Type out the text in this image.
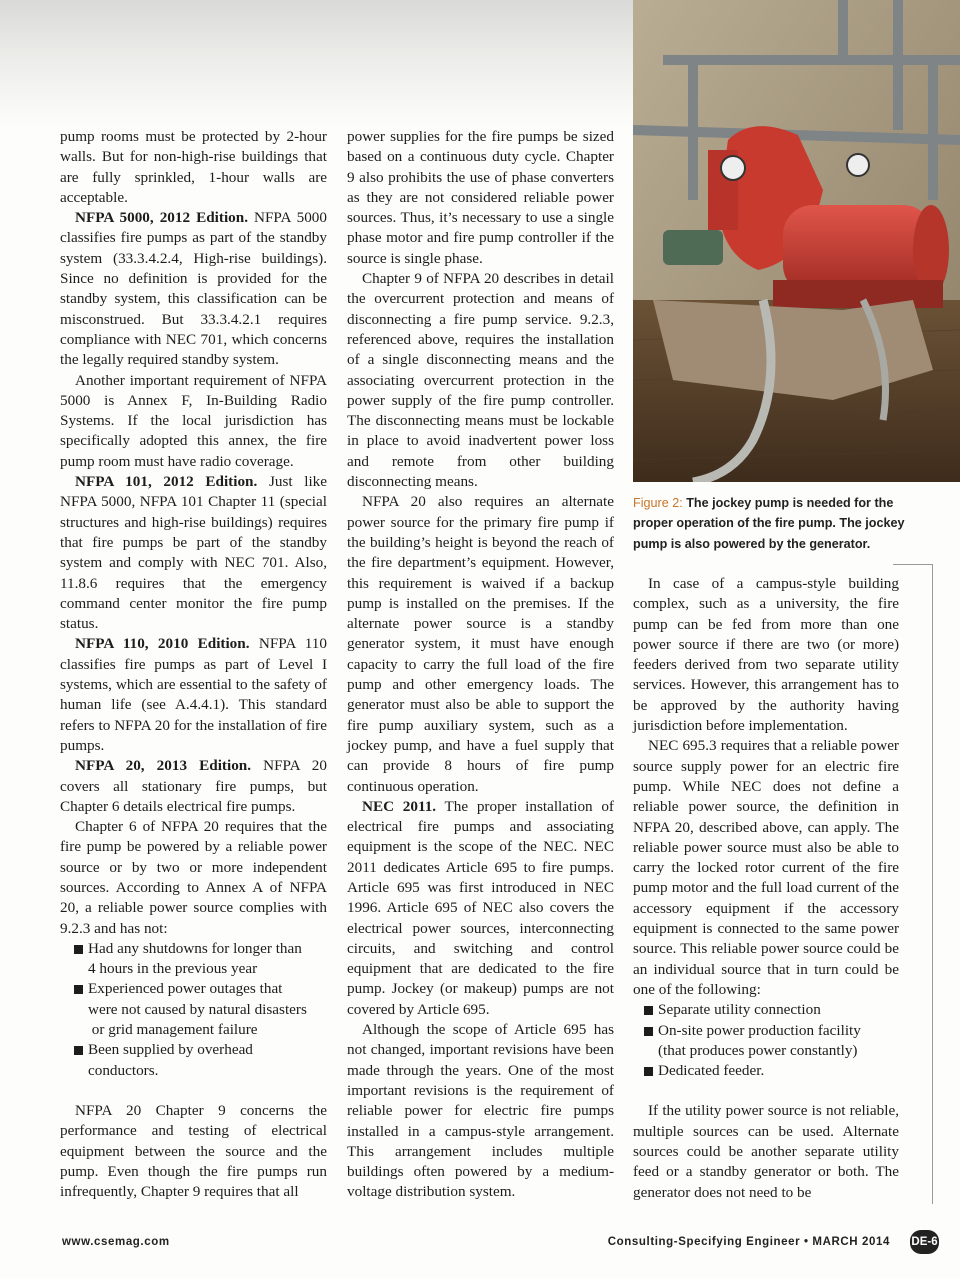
pump rooms must be protected by 2-hour walls. But for non-high-rise buildings that are fully sprinkled, 1-hour walls are acceptable.

NFPA 5000, 2012 Edition. NFPA 5000 classifies fire pumps as part of the standby system (33.3.4.2.4, High-rise buildings). Since no definition is provided for the standby system, this classification can be misconstrued. But 33.3.4.2.1 requires compliance with NEC 701, which concerns the legally required standby system.

Another important requirement of NFPA 5000 is Annex F, In-Building Radio Systems. If the local jurisdiction has specifically adopted this annex, the fire pump room must have radio coverage.

NFPA 101, 2012 Edition. Just like NFPA 5000, NFPA 101 Chapter 11 (special structures and high-rise buildings) requires that fire pumps be part of the standby system and comply with NEC 701. Also, 11.8.6 requires that the emergency command center monitor the fire pump status.

NFPA 110, 2010 Edition. NFPA 110 classifies fire pumps as part of Level I systems, which are essential to the safety of human life (see A.4.4.1). This standard refers to NFPA 20 for the installation of fire pumps.

NFPA 20, 2013 Edition. NFPA 20 covers all stationary fire pumps, but Chapter 6 details electrical fire pumps.

Chapter 6 of NFPA 20 requires that the fire pump be powered by a reliable power source or by two or more independent sources. According to Annex A of NFPA 20, a reliable power source complies with 9.2.3 and has not:

Had any shutdowns for longer than
4 hours in the previous year
Experienced power outages that
were not caused by natural disasters
or grid management failure
Been supplied by overhead
conductors.

NFPA 20 Chapter 9 concerns the performance and testing of electrical equipment between the source and the pump. Even though the fire pumps run infrequently, Chapter 9 requires that all

power supplies for the fire pumps be sized based on a continuous duty cycle. Chapter 9 also prohibits the use of phase converters as they are not considered reliable power sources. Thus, it’s necessary to use a single phase motor and fire pump controller if the source is single phase.

Chapter 9 of NFPA 20 describes in detail the overcurrent protection and means of disconnecting a fire pump service. 9.2.3, referenced above, requires the installation of a single disconnecting means and the associating overcurrent protection in the power supply of the fire pump controller. The disconnecting means must be lockable in place to avoid inadvertent power loss and remote from other building disconnecting means.

NFPA 20 also requires an alternate power source for the primary fire pump if the building’s height is beyond the reach of the fire department’s equipment. However, this requirement is waived if a backup pump is installed on the premises. If the alternate power source is a standby generator system, it must have enough capacity to carry the full load of the fire pump and other emergency loads. The generator must also be able to support the fire pump auxiliary system, such as a jockey pump, and have a fuel supply that can provide 8 hours of fire pump continuous operation.

NEC 2011. The proper installation of electrical fire pumps and associating equipment is the scope of the NEC. NEC 2011 dedicates Article 695 to fire pumps. Article 695 was first introduced in NEC 1996. Article 695 of NEC also covers the electrical power sources, interconnecting circuits, and switching and control equipment that are dedicated to the fire pump. Jockey (or makeup) pumps are not covered by Article 695.

Although the scope of Article 695 has not changed, important revisions have been made through the years. One of the most important revisions is the requirement of reliable power for electric fire pumps installed in a campus-style arrangement. This arrangement includes multiple buildings often powered by a medium-voltage distribution system.

Figure 2: The jockey pump is needed for the proper operation of the fire pump. The jockey pump is also powered by the generator.

In case of a campus-style building complex, such as a university, the fire pump can be fed from more than one power source if there are two (or more) feeders derived from two separate utility services. However, this arrangement has to be approved by the authority having jurisdiction before implementation.

NEC 695.3 requires that a reliable power source supply power for an electric fire pump. While NEC does not define a reliable power source, the definition in NFPA 20, described above, can apply. The reliable power source must also be able to carry the locked rotor current of the fire pump motor and the full load current of the accessory equipment if the accessory equipment is connected to the same power source. This reliable power source could be an individual source that in turn could be one of the following:

Separate utility connection
On-site power production facility
(that produces power constantly)
Dedicated feeder.

If the utility power source is not reliable, multiple sources can be used. Alternate sources could be another separate utility feed or a standby generator or both. The generator does not need to be

www.csemag.com	Consulting-Specifying Engineer • MARCH 2014 DE-6
